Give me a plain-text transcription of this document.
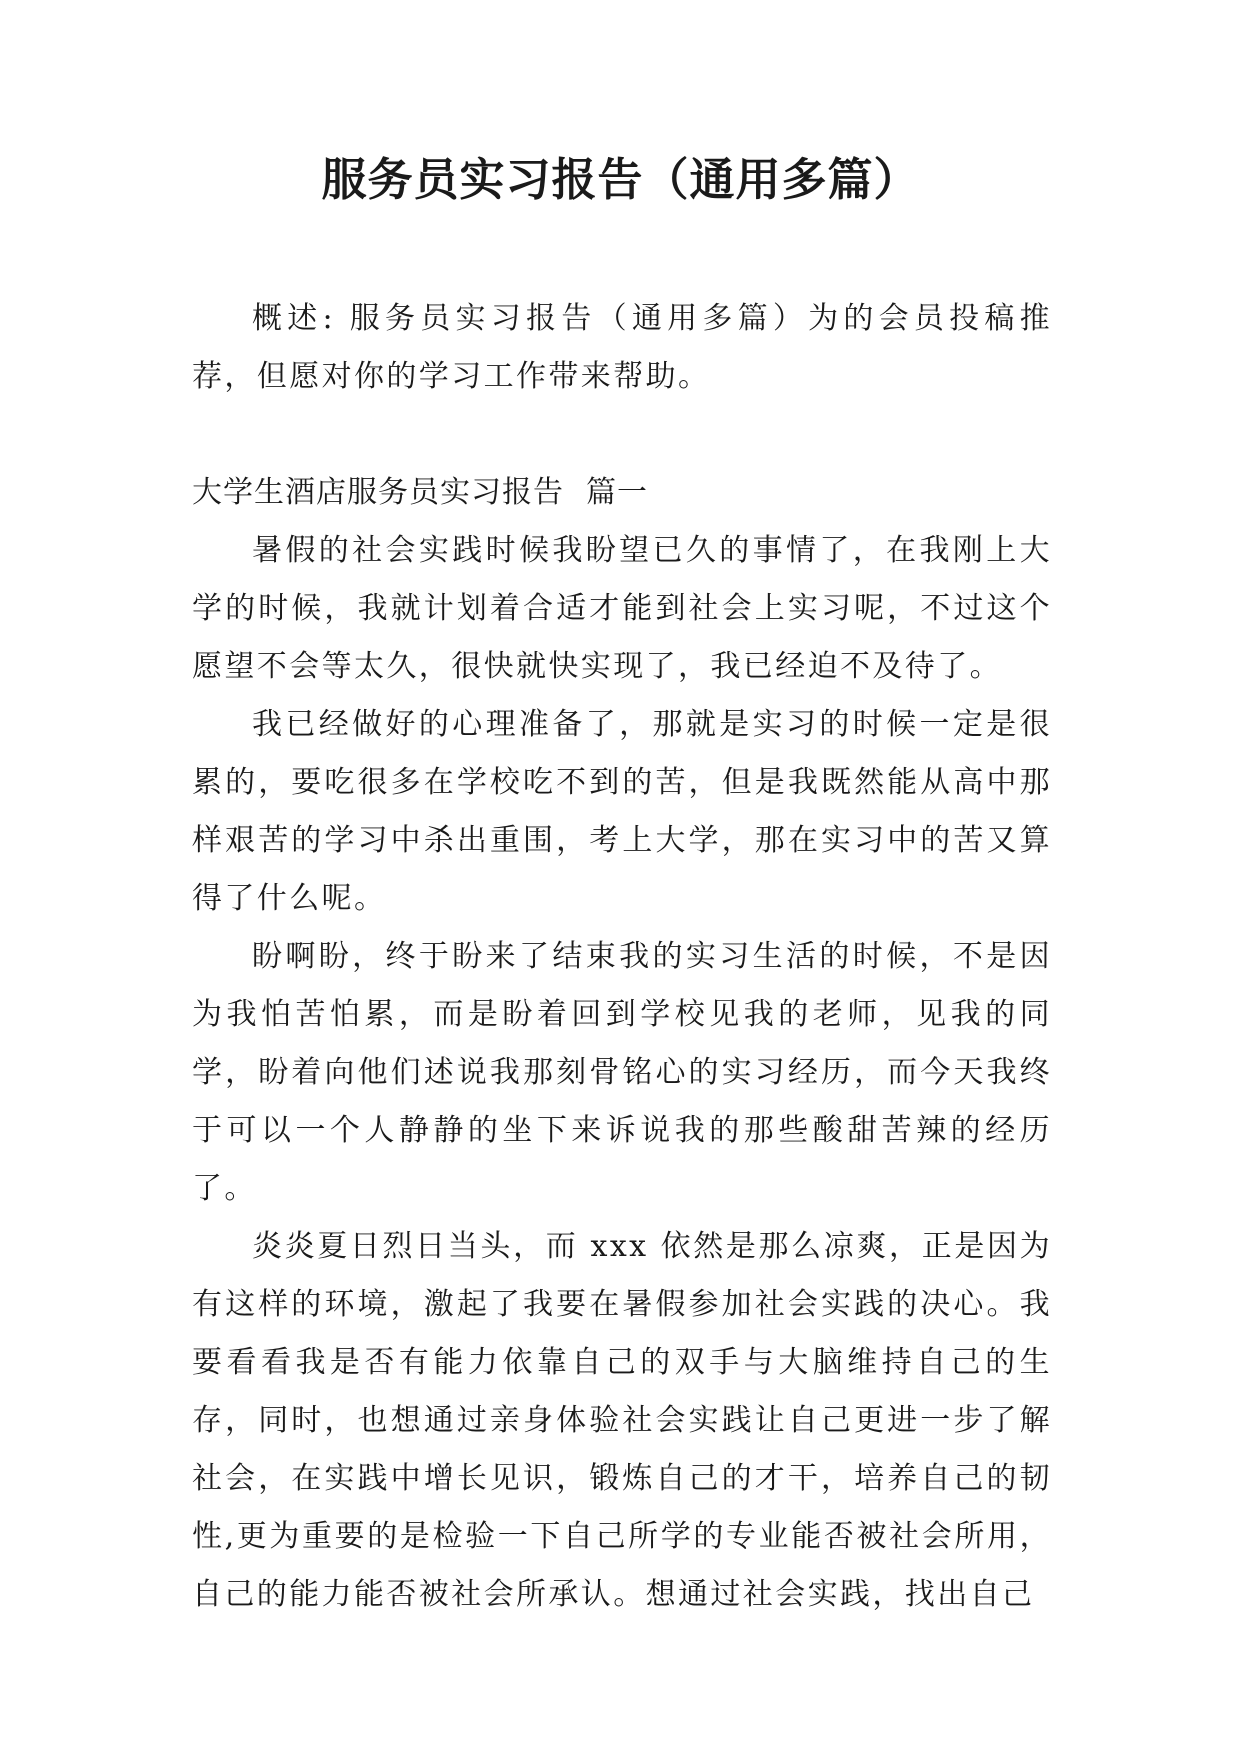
服务员实习报告（通用多篇）

概述: 服务员实习报告（通用多篇）为的会员投稿推荐，但愿对你的学习工作带来帮助。

大学生酒店服务员实习报告 篇一

暑假的社会实践时候我盼望已久的事情了，在我刚上大学的时候，我就计划着合适才能到社会上实习呢，不过这个愿望不会等太久，很快就快实现了，我已经迫不及待了。

我已经做好的心理准备了，那就是实习的时候一定是很累的，要吃很多在学校吃不到的苦，但是我既然能从高中那样艰苦的学习中杀出重围，考上大学，那在实习中的苦又算得了什么呢。

盼啊盼，终于盼来了结束我的实习生活的时候，不是因为我怕苦怕累，而是盼着回到学校见我的老师，见我的同学，盼着向他们述说我那刻骨铭心的实习经历，而今天我终于可以一个人静静的坐下来诉说我的那些酸甜苦辣的经历了。

炎炎夏日烈日当头，而 xxx 依然是那么凉爽，正是因为有这样的环境，激起了我要在暑假参加社会实践的决心。我要看看我是否有能力依靠自己的双手与大脑维持自己的生存，同时，也想通过亲身体验社会实践让自己更进一步了解社会，在实践中增长见识，锻炼自己的才干，培养自己的韧性,更为重要的是检验一下自己所学的专业能否被社会所用，自己的能力能否被社会所承认。想通过社会实践，找出自己
